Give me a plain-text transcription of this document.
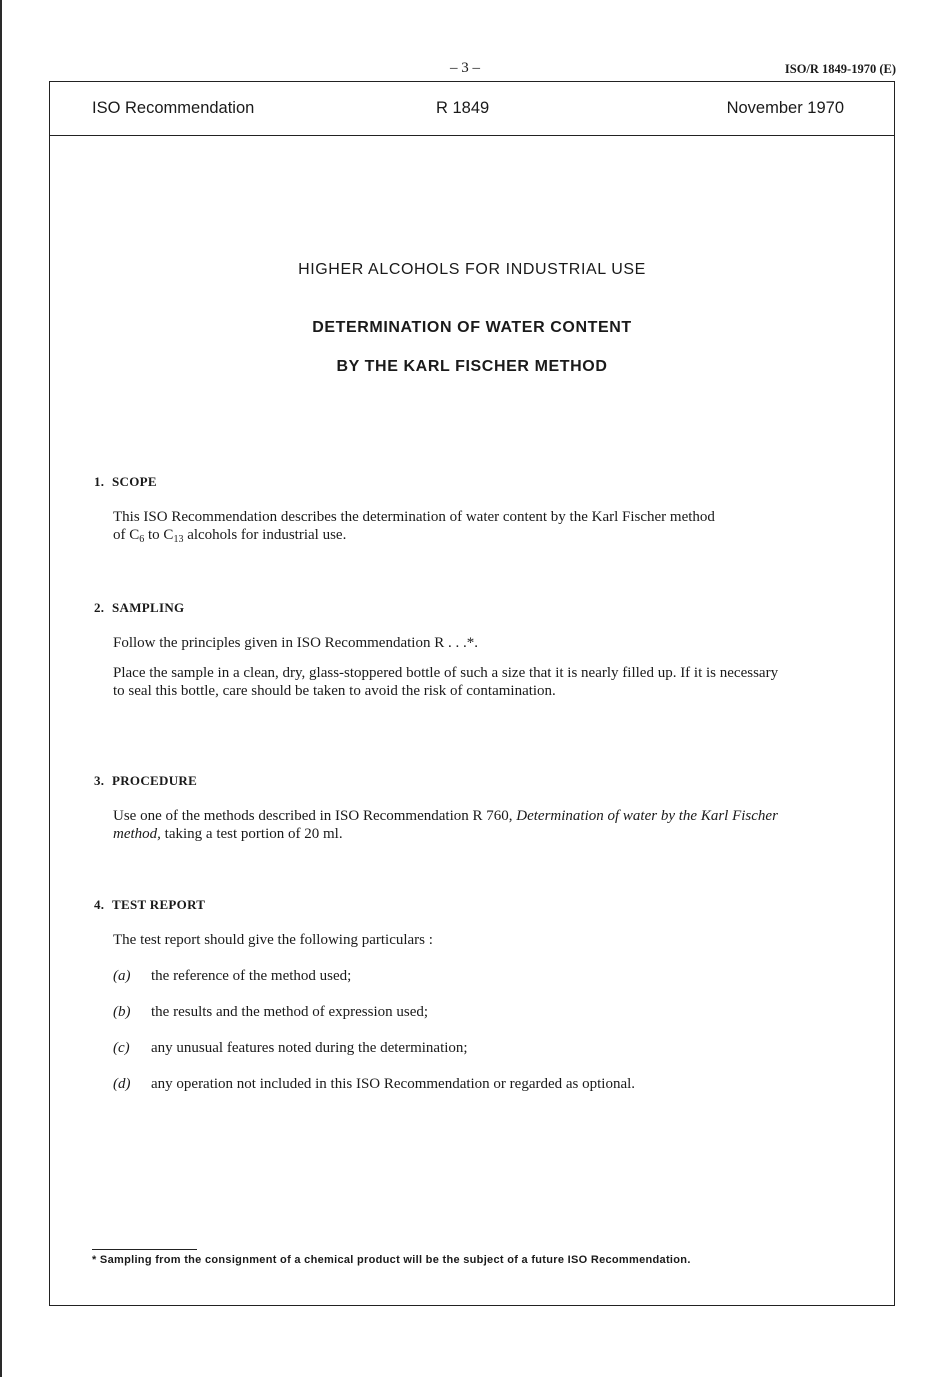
– 3 –	ISO/R 1849-1970 (E)
ISO Recommendation	R 1849	November 1970
HIGHER ALCOHOLS FOR INDUSTRIAL USE
DETERMINATION OF WATER CONTENT
BY THE KARL FISCHER METHOD
1. SCOPE
This ISO Recommendation describes the determination of water content by the Karl Fischer method
of $C_6$ to $C_{13}$ alcohols for industrial use.
2. SAMPLING
Follow the principles given in ISO Recommendation R . . .*.
Place the sample in a clean, dry, glass-stoppered bottle of such a size that it is nearly filled up. If it is necessary
to seal this bottle, care should be taken to avoid the risk of contamination.
3. PROCEDURE
Use one of the methods described in ISO Recommendation R 760, Determination of water by the Karl Fischer
method, taking a test portion of 20 ml.
4. TEST REPORT
The test report should give the following particulars :
(a) the reference of the method used;
(b) the results and the method of expression used;
(c) any unusual features noted during the determination;
(d) any operation not included in this ISO Recommendation or regarded as optional.
* Sampling from the consignment of a chemical product will be the subject of a future ISO Recommendation.
